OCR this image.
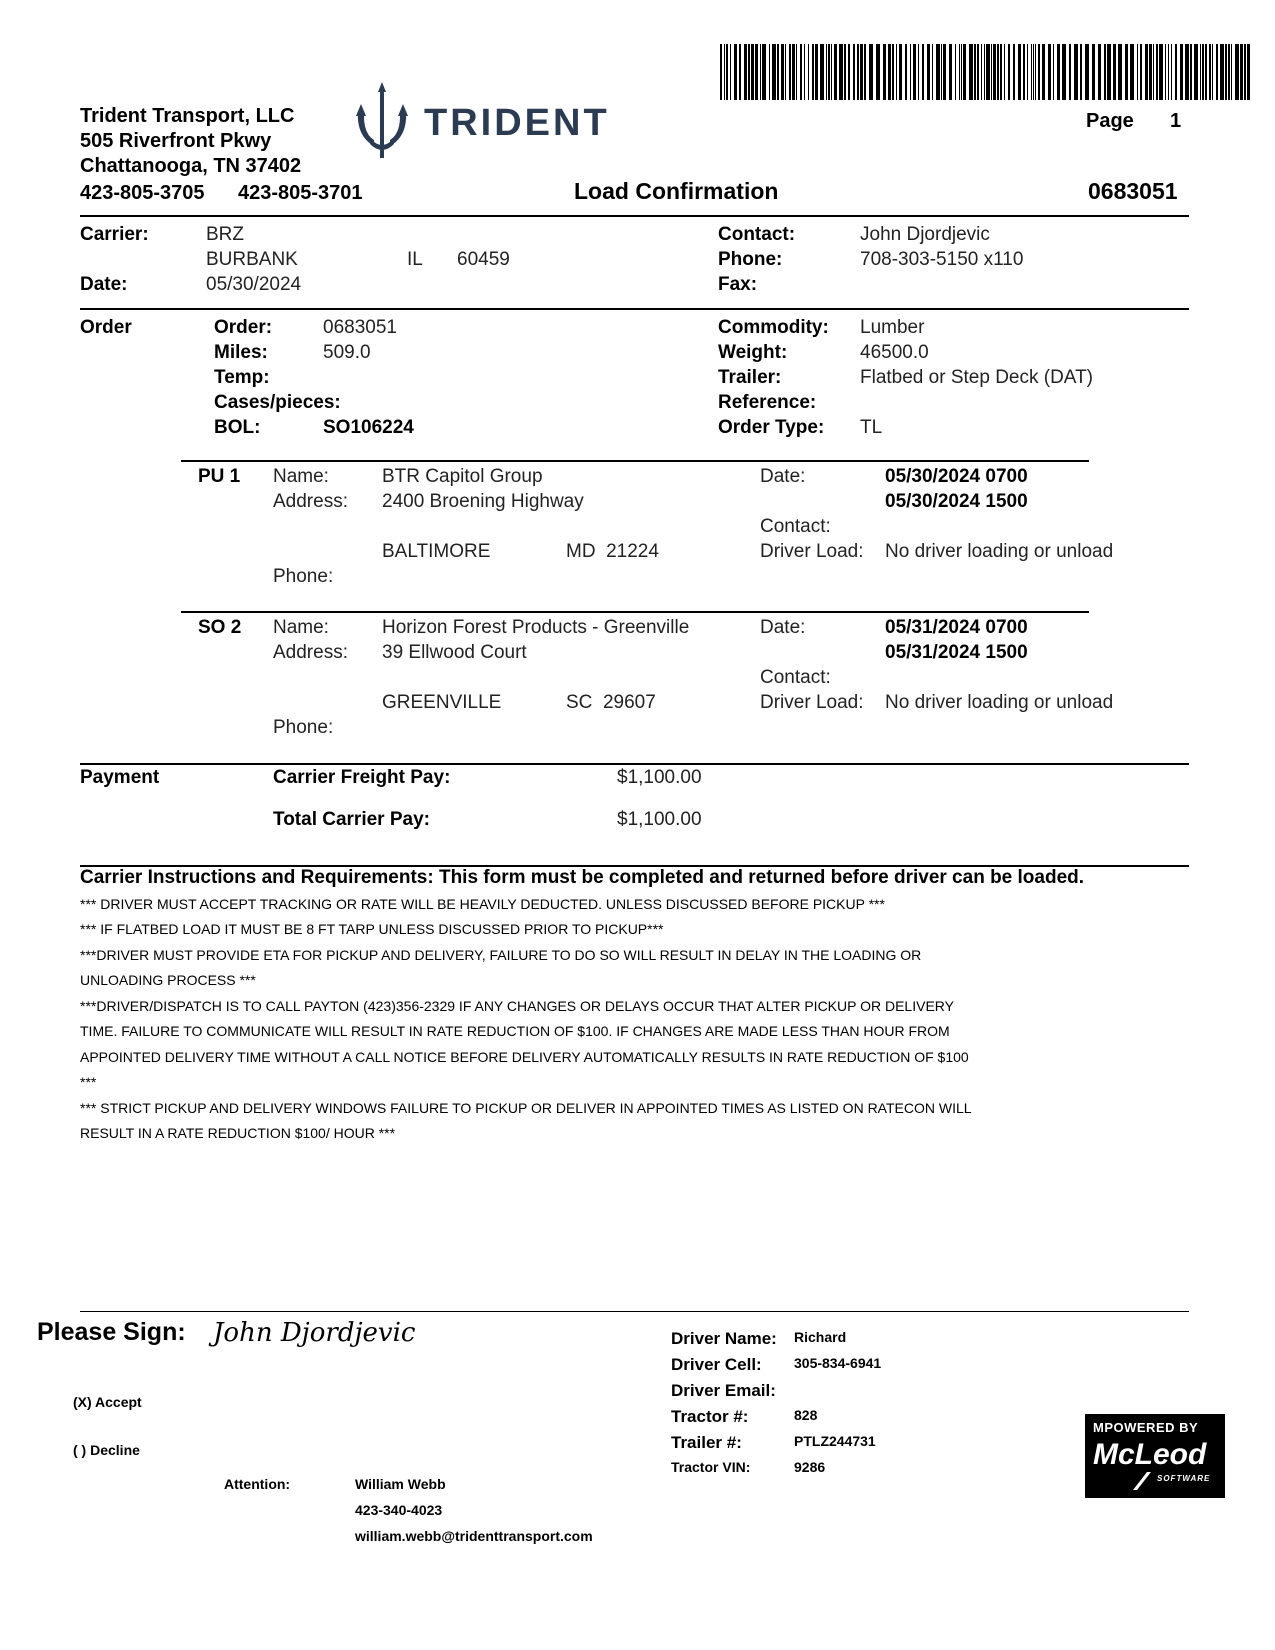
Trident Transport, LLC
505 Riverfront Pkwy
Chattanooga, TN 37402
423-805-3705 423-805-3701
TRIDENT	Page 1
Load Confirmation	0683051
Carrier:	BRZ
BURBANK	IL 60459
Date:	05/30/2024
Contact:	John Djordjevic
Phone:	708-303-5150 x110
Fax:
Order	Order:	0683051
Miles:	509.0
Temp:
Cases/pieces:
BOL:	SO106224
Commodity: Lumber
Weight:	46500.0
Trailer:	Flatbed or Step Deck (DAT)
Reference:
Order Type: TL
PU 1 Name:	BTR Capitol Group
Address: 2400 Broening Highway
BALTIMORE	MD  21224
Phone:
Date:	05/30/2024 0700
05/30/2024 1500
Contact:
Driver Load: No driver loading or unload
SO 2 Name:	Horizon Forest Products - Greenville
Address: 39 Ellwood Court
GREENVILLE	SC  29607
Phone:
Date:	05/31/2024 0700
05/31/2024 1500
Contact:
Driver Load: No driver loading or unload
Payment	Carrier Freight Pay:	$1,100.00
Total Carrier Pay:	$1,100.00
Carrier Instructions and Requirements: This form must be completed and returned before driver can be loaded.
*** DRIVER MUST ACCEPT TRACKING OR RATE WILL BE HEAVILY DEDUCTED. UNLESS DISCUSSED BEFORE PICKUP ***
*** IF FLATBED LOAD IT MUST BE 8 FT TARP UNLESS DISCUSSED PRIOR TO PICKUP***
***DRIVER MUST PROVIDE ETA FOR PICKUP AND DELIVERY, FAILURE TO DO SO WILL RESULT IN DELAY IN THE LOADING OR
UNLOADING PROCESS ***
***DRIVER/DISPATCH IS TO CALL PAYTON (423)356-2329 IF ANY CHANGES OR DELAYS OCCUR THAT ALTER PICKUP OR DELIVERY
TIME. FAILURE TO COMMUNICATE WILL RESULT IN RATE REDUCTION OF $100. IF CHANGES ARE MADE LESS THAN HOUR FROM
APPOINTED DELIVERY TIME WITHOUT A CALL NOTICE BEFORE DELIVERY AUTOMATICALLY RESULTS IN RATE REDUCTION OF $100
***
*** STRICT PICKUP AND DELIVERY WINDOWS FAILURE TO PICKUP OR DELIVER IN APPOINTED TIMES AS LISTED ON RATECON WILL
RESULT IN A RATE REDUCTION $100/ HOUR ***
Please Sign: John Djordjevic
(X) Accept
( ) Decline
Attention:	William Webb
423-340-4023
william.webb@tridenttransport.com
Driver Name: Richard
Driver Cell: 305-834-6941
Driver Email:
Tractor #:	828
Trailer #:	PTLZ244731
Tractor VIN:	9286
MPOWERED BY
McLeod
SOFTWARE
